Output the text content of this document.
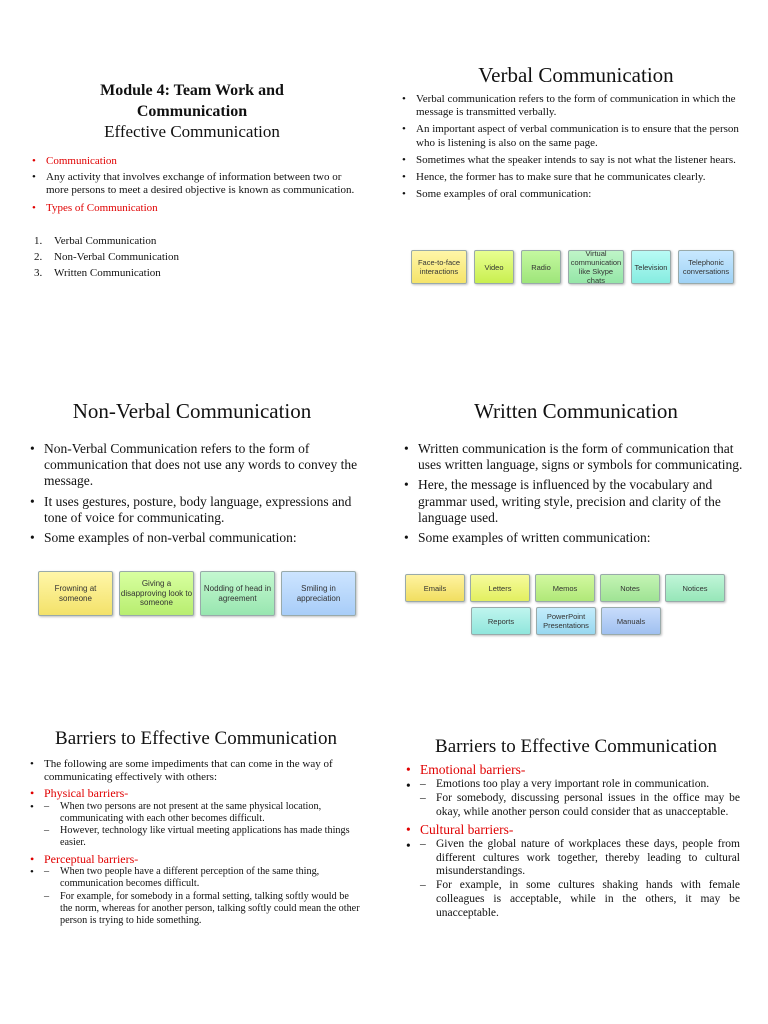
Module 4: Team Work and Communication
Effective Communication
• Communication
• Any activity that involves exchange of information between two or more persons to meet a desired objective is known as communication.
• Types of Communication
1. Verbal Communication
2. Non-Verbal Communication
3. Written Communication
Verbal Communication
• Verbal communication refers to the form of communication in which the message is transmitted verbally.
• An important aspect of verbal communication is to ensure that the person who is listening is also on the same page.
• Sometimes what the speaker intends to say is not what the listener hears.
• Hence, the former has to make sure that he communicates clearly.
• Some examples of oral communication:
Face-to-face interactions	Video	Radio
Virtual communication like Skype chats
Television	Telephonic conversations
Non-Verbal Communication
• Non-Verbal Communication refers to the form of communication that does not use any words to convey the message.
• It uses gestures, posture, body language, expressions and tone of voice for communicating.
• Some examples of non-verbal communication:
Frowning at someone
Giving a disapproving look to someone
Nodding of head in agreement
Smiling in appreciation
Written Communication
• Written communication is the form of communication that uses written language, signs or symbols for communicating.
• Here, the message is influenced by the vocabulary and grammar used, writing style, precision and clarity of the language used.
• Some examples of written communication:
Emails	Letters	Memos	Notes	Notices
Reports	PowerPoint Presentations	Manuals
Barriers to Effective Communication
• The following are some impediments that can come in the way of communicating effectively with others:
• Physical barriers-
– • When two persons are not present at the same physical location, communicating with each other becomes difficult.
– However, technology like virtual meeting applications has made things easier.
• Perceptual barriers-
– • When two people have a different perception of the same thing, communication becomes difficult.
– For example, for somebody in a formal setting, talking softly would be the norm, whereas for another person, talking softly could mean the other person is trying to hide something.
Barriers to Effective Communication
• Emotional barriers-
– • Emotions too play a very important role in communication.
– For somebody, discussing personal issues in the office may be okay, while another person could consider that as unacceptable.
• Cultural barriers-
– • Given the global nature of workplaces these days, people from different cultures work together, thereby leading to cultural misunderstandings.
– For example, in some cultures shaking hands with female colleagues is acceptable, while in the others, it may be unacceptable.
